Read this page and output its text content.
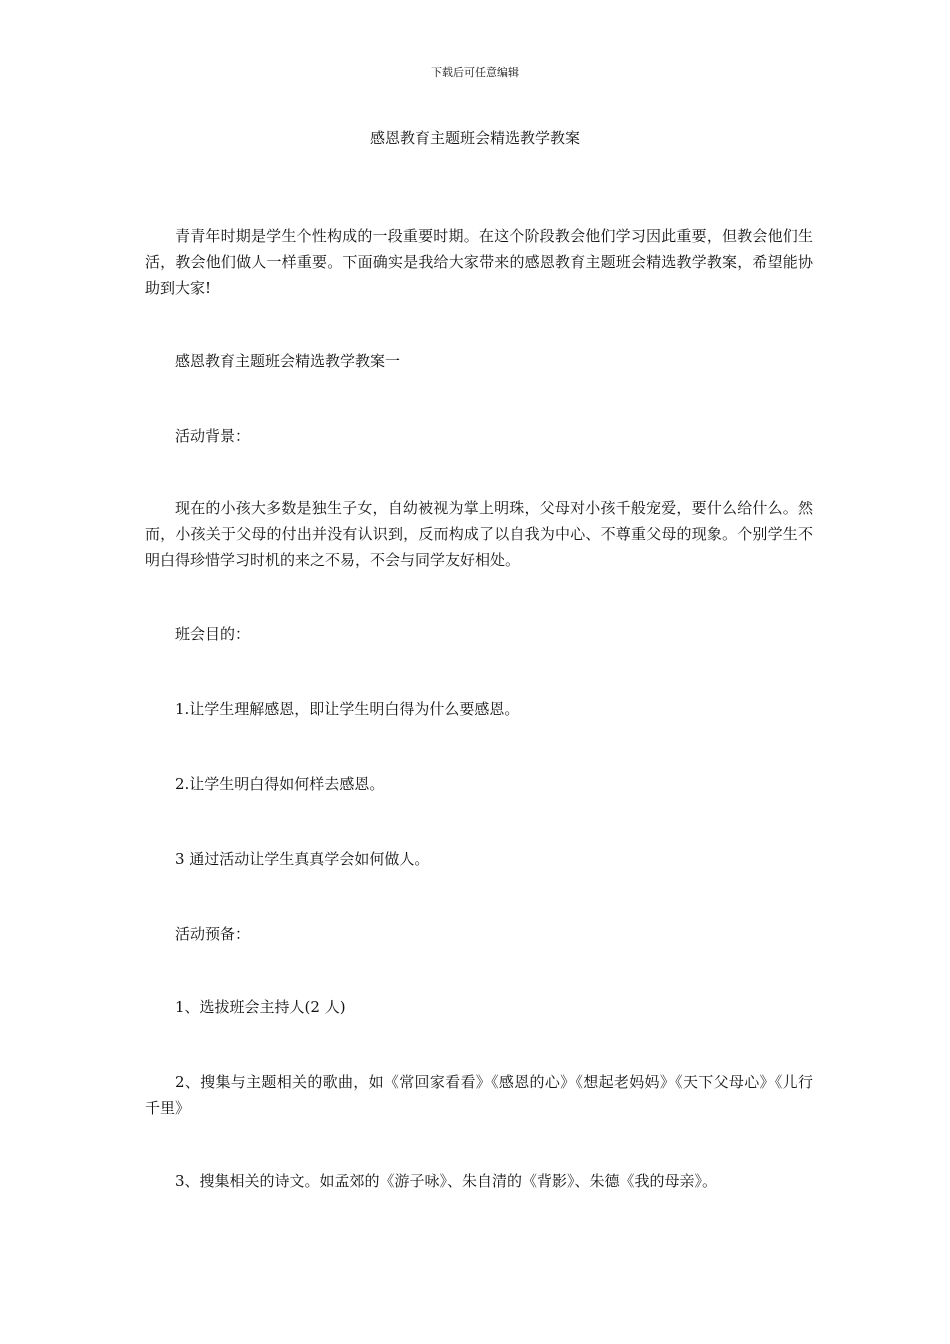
下载后可任意编辑
感恩教育主题班会精选教学教案

青青年时期是学生个性构成的一段重要时期。在这个阶段教会他们学习因此重要，但教会他们生活，教会他们做人一样重要。下面确实是我给大家带来的感恩教育主题班会精选教学教案，希望能协助到大家!

感恩教育主题班会精选教学教案一

活动背景：

现在的小孩大多数是独生子女，自幼被视为掌上明珠，父母对小孩千般宠爱，要什么给什么。然而，小孩关于父母的付出并没有认识到，反而构成了以自我为中心、不尊重父母的现象。个别学生不明白得珍惜学习时机的来之不易，不会与同学友好相处。

班会目的：

1.让学生理解感恩，即让学生明白得为什么要感恩。

2.让学生明白得如何样去感恩。

3 通过活动让学生真真学会如何做人。

活动预备：

1、选拔班会主持人(2 人)

2、搜集与主题相关的歌曲，如《常回家看看》《感恩的心》《想起老妈妈》《天下父母心》《儿行千里》

3、搜集相关的诗文。如孟郊的《游子咏》、朱自清的《背影》、朱德《我的母亲》。
